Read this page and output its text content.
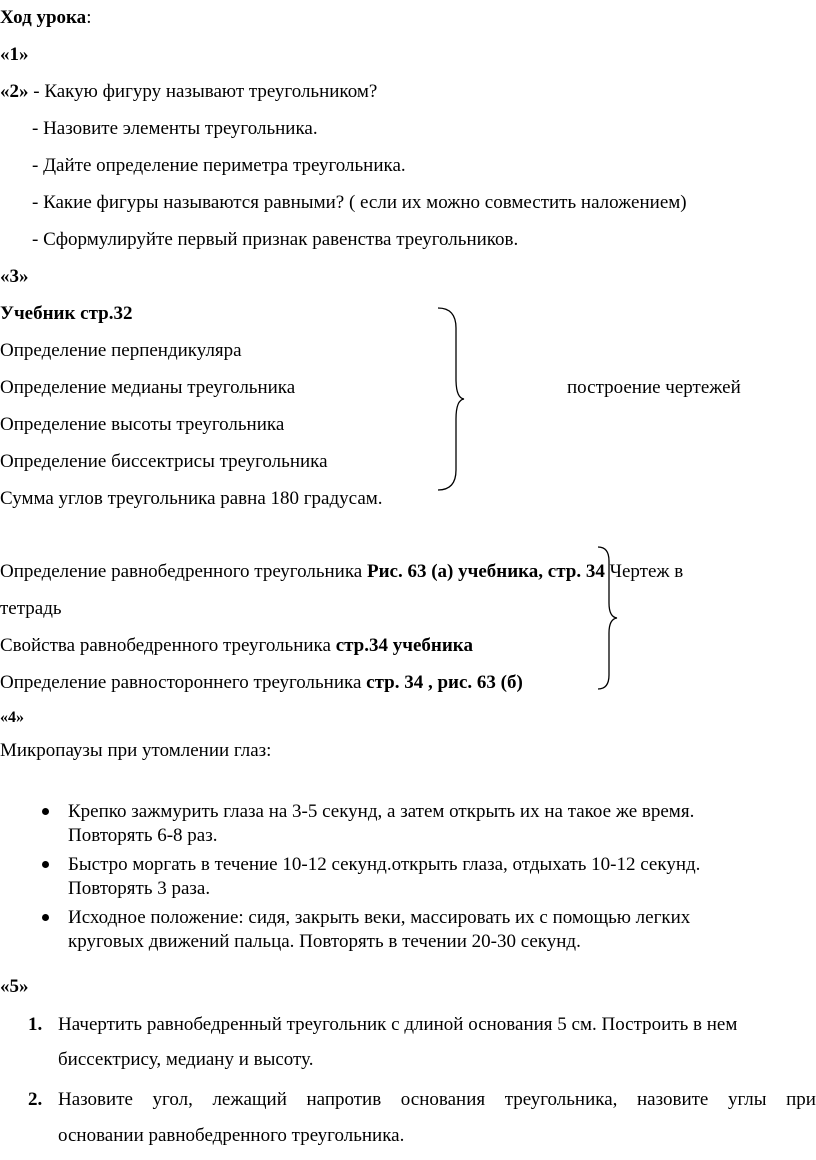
Ход урока:
«1»
«2» - Какую фигуру называют треугольником?
- Назовите элементы треугольника.
- Дайте определение периметра треугольника.
- Какие фигуры называются равными? ( если их можно совместить наложением)
- Сформулируйте первый признак равенства треугольников.
«3»
Учебник стр.32
Определение перпендикуляра
Определение медианы треугольника	построение чертежей
Определение высоты треугольника
Определение биссектрисы треугольника
Сумма углов треугольника равна 180 градусам.
Определение равнобедренного треугольника Рис. 63 (а) учебника, стр. 34 Чертеж в
тетрадь
Свойства равнобедренного треугольника стр.34 учебника
Определение равностороннего треугольника стр. 34 , рис. 63 (б)
«4»
Микропаузы при утомлении глаз:
Крепко зажмурить глаза на 3-5 секунд, а затем открыть их на такое же время.
Повторять 6-8 раз.
Быстро моргать в течение 10-12 секунд.открыть глаза, отдыхать 10-12 секунд.
Повторять 3 раза.
Исходное положение: сидя, закрыть веки, массировать их с помощью легких
круговых движений пальца. Повторять в течении 20-30 секунд.
«5»
1. Начертить равнобедренный треугольник с длиной основания 5 см. Построить в нем
биссектрису, медиану и высоту.
2. Назовите угол, лежащий напротив основания треугольника, назовите углы при
основании равнобедренного треугольника.
